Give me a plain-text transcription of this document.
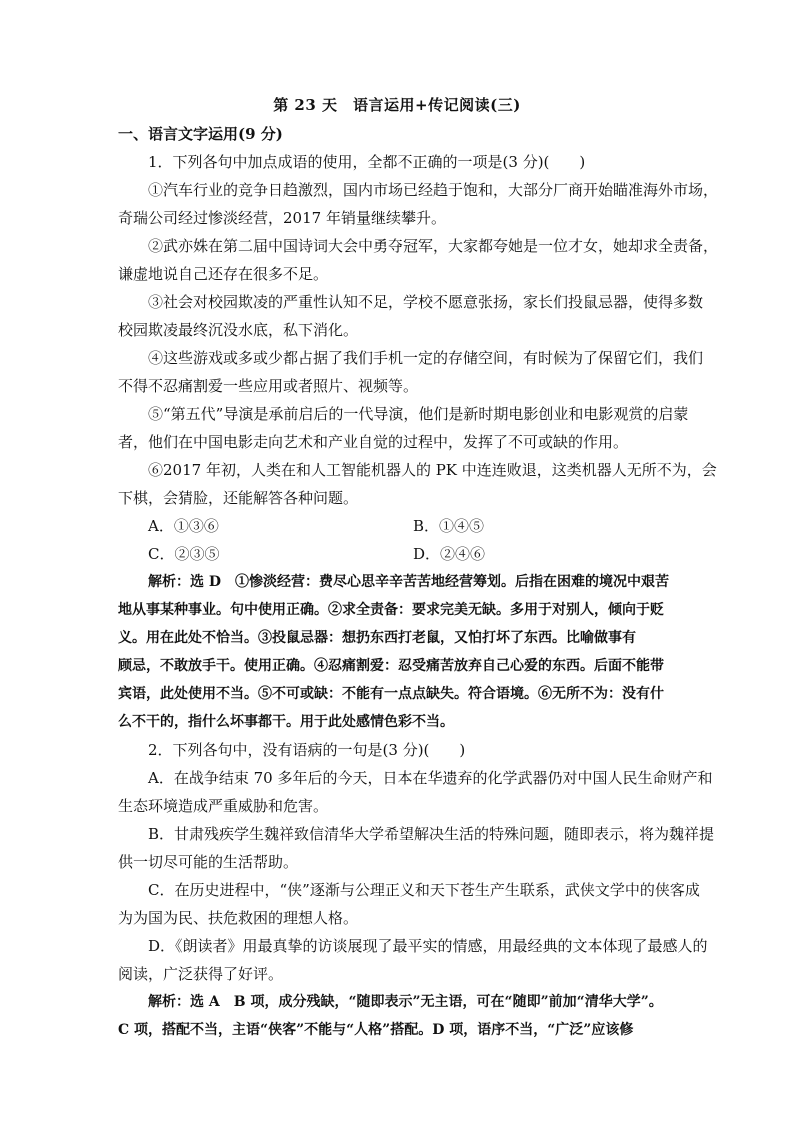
第 23 天　语言运用+传记阅读(三)
一、语言文字运用(9 分)
1．下列各句中加点成语的使用，全都不正确的一项是(3 分)(　　)
①汽车行业的竞争日趋激烈，国内市场已经趋于饱和，大部分厂商开始瞄准海外市场，
奇瑞公司经过惨淡经营，2017 年销量继续攀升。
②武亦姝在第二届中国诗词大会中勇夺冠军，大家都夸她是一位才女，她却求全责备，
谦虚地说自己还存在很多不足。
③社会对校园欺凌的严重性认知不足，学校不愿意张扬，家长们投鼠忌器，使得多数
校园欺凌最终沉没水底，私下消化。
④这些游戏或多或少都占据了我们手机一定的存储空间，有时候为了保留它们，我们
不得不忍痛割爱一些应用或者照片、视频等。
⑤“第五代”导演是承前启后的一代导演，他们是新时期电影创业和电影观赏的启蒙
者，他们在中国电影走向艺术和产业自觉的过程中，发挥了不可或缺的作用。
⑥2017 年初，人类在和人工智能机器人的 PK 中连连败退，这类机器人无所不为，会
下棋，会猜脸，还能解答各种问题。
A．①③⑥	B．①④⑤
C．②③⑤	D．②④⑥
解析：选 D　①惨淡经营：费尽心思辛辛苦苦地经营筹划。后指在困难的境况中艰苦
地从事某种事业。句中使用正确。②求全责备：要求完美无缺。多用于对别人，倾向于贬
义。用在此处不恰当。③投鼠忌器：想扔东西打老鼠，又怕打坏了东西。比喻做事有
顾忌，不敢放手干。使用正确。④忍痛割爱：忍受痛苦放弃自己心爱的东西。后面不能带
宾语，此处使用不当。⑤不可或缺：不能有一点点缺失。符合语境。⑥无所不为：没有什
么不干的，指什么坏事都干。用于此处感情色彩不当。
2．下列各句中，没有语病的一句是(3 分)(　　)
A．在战争结束 70 多年后的今天，日本在华遗弃的化学武器仍对中国人民生命财产和
生态环境造成严重威胁和危害。
B．甘肃残疾学生魏祥致信清华大学希望解决生活的特殊问题，随即表示，将为魏祥提
供一切尽可能的生活帮助。
C．在历史进程中，“侠”逐渐与公理正义和天下苍生产生联系，武侠文学中的侠客成
为为国为民、扶危救困的理想人格。
D．《朗读者》用最真挚的访谈展现了最平实的情感，用最经典的文本体现了最感人的
阅读，广泛获得了好评。
解析：选 A　B 项，成分残缺，“随即表示”无主语，可在“随即”前加“清华大学”。
C 项，搭配不当，主语“侠客”不能与“人格”搭配。D 项，语序不当，“广泛”应该修
